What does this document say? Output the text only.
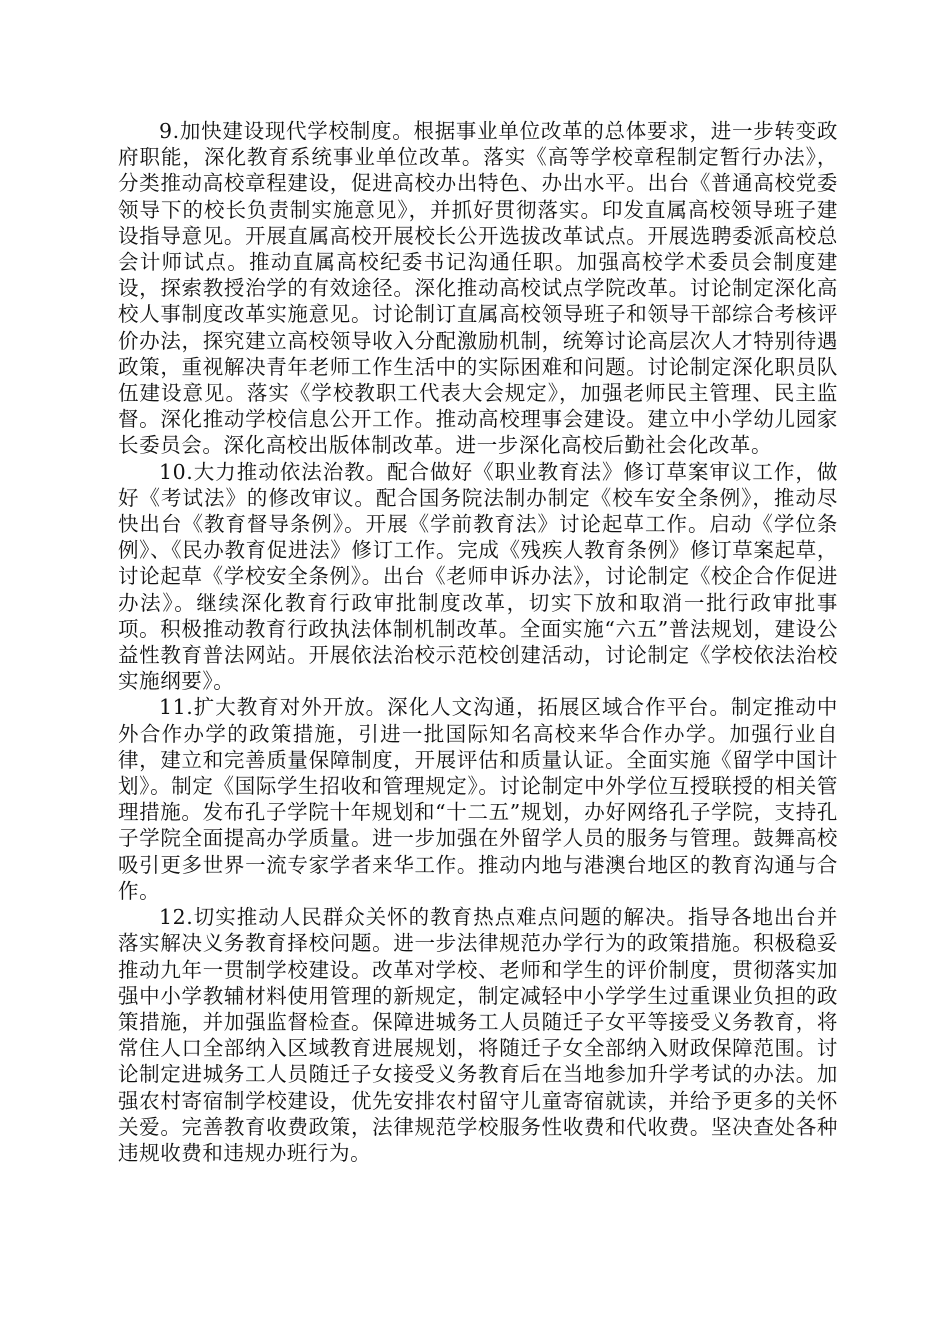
9.加快建设现代学校制度。根据事业单位改革的总体要求，进一步转变政府职能，深化教育系统事业单位改革。落实《高等学校章程制定暂行办法》，分类推动高校章程建设，促进高校办出特色、办出水平。出台《普通高校党委领导下的校长负责制实施意见》，并抓好贯彻落实。印发直属高校领导班子建设指导意见。开展直属高校开展校长公开选拔改革试点。开展选聘委派高校总会计师试点。推动直属高校纪委书记沟通任职。加强高校学术委员会制度建设，探索教授治学的有效途径。深化推动高校试点学院改革。讨论制定深化高校人事制度改革实施意见。讨论制订直属高校领导班子和领导干部综合考核评价办法，探究建立高校领导收入分配激励机制，统筹讨论高层次人才特别待遇政策，重视解决青年老师工作生活中的实际困难和问题。讨论制定深化职员队伍建设意见。落实《学校教职工代表大会规定》，加强老师民主管理、民主监督。深化推动学校信息公开工作。推动高校理事会建设。建立中小学幼儿园家长委员会。深化高校出版体制改革。进一步深化高校后勤社会化改革。

10.大力推动依法治教。配合做好《职业教育法》修订草案审议工作，做好《考试法》的修改审议。配合国务院法制办制定《校车安全条例》，推动尽快出台《教育督导条例》。开展《学前教育法》讨论起草工作。启动《学位条例》、《民办教育促进法》修订工作。完成《残疾人教育条例》修订草案起草，讨论起草《学校安全条例》。出台《老师申诉办法》，讨论制定《校企合作促进办法》。继续深化教育行政审批制度改革，切实下放和取消一批行政审批事项。积极推动教育行政执法体制机制改革。全面实施“六五”普法规划，建设公益性教育普法网站。开展依法治校示范校创建活动，讨论制定《学校依法治校实施纲要》。

11.扩大教育对外开放。深化人文沟通，拓展区域合作平台。制定推动中外合作办学的政策措施，引进一批国际知名高校来华合作办学。加强行业自律，建立和完善质量保障制度，开展评估和质量认证。全面实施《留学中国计划》。制定《国际学生招收和管理规定》。讨论制定中外学位互授联授的相关管理措施。发布孔子学院十年规划和“十二五”规划，办好网络孔子学院，支持孔子学院全面提高办学质量。进一步加强在外留学人员的服务与管理。鼓舞高校吸引更多世界一流专家学者来华工作。推动内地与港澳台地区的教育沟通与合作。

12.切实推动人民群众关怀的教育热点难点问题的解决。指导各地出台并落实解决义务教育择校问题。进一步法律规范办学行为的政策措施。积极稳妥推动九年一贯制学校建设。改革对学校、老师和学生的评价制度，贯彻落实加强中小学教辅材料使用管理的新规定，制定减轻中小学学生过重课业负担的政策措施，并加强监督检查。保障进城务工人员随迁子女平等接受义务教育，将常住人口全部纳入区域教育进展规划，将随迁子女全部纳入财政保障范围。讨论制定进城务工人员随迁子女接受义务教育后在当地参加升学考试的办法。加强农村寄宿制学校建设，优先安排农村留守儿童寄宿就读，并给予更多的关怀关爱。完善教育收费政策，法律规范学校服务性收费和代收费。坚决查处各种违规收费和违规办班行为。
